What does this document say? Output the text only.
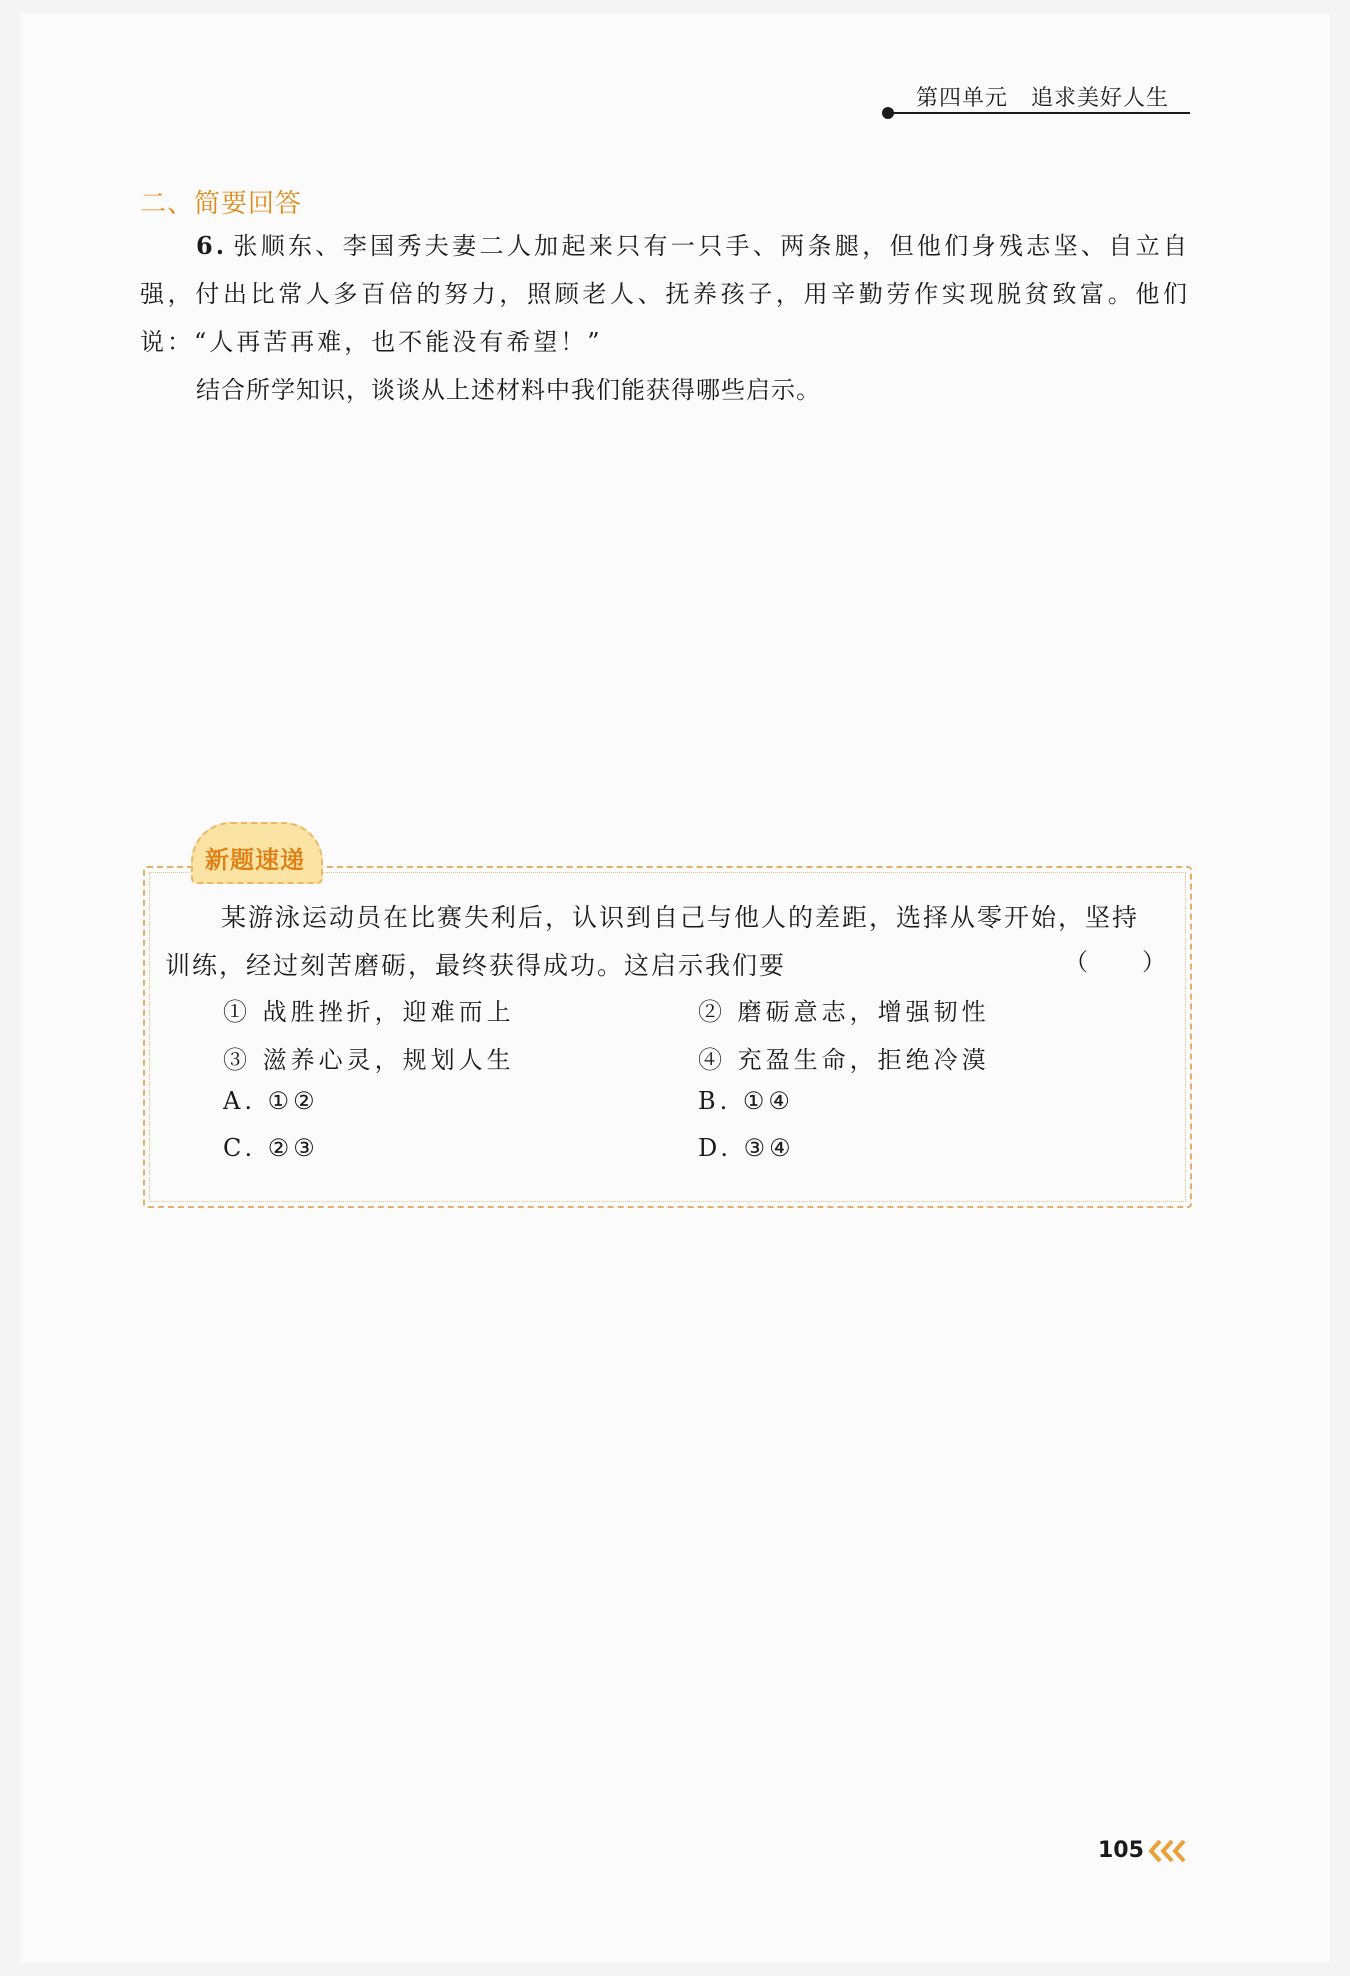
第四单元　追求美好人生
二、简要回答
6. 张顺东、李国秀夫妻二人加起来只有一只手、两条腿，但他们身残志坚、自立自强，付出比常人多百倍的努力，照顾老人、抚养孩子，用辛勤劳作实现脱贫致富。他们说：“人再苦再难，也不能没有希望！”
结合所学知识，谈谈从上述材料中我们能获得哪些启示。
新题速递
某游泳运动员在比赛失利后，认识到自己与他人的差距，选择从零开始，坚持训练，经过刻苦磨砺，最终获得成功。这启示我们要	（　　）
① 战胜挫折，迎难而上	② 磨砺意志，增强韧性
③ 滋养心灵，规划人生	④ 充盈生命，拒绝冷漠
A. ①②	B. ①④
C. ②③	D. ③④
105
